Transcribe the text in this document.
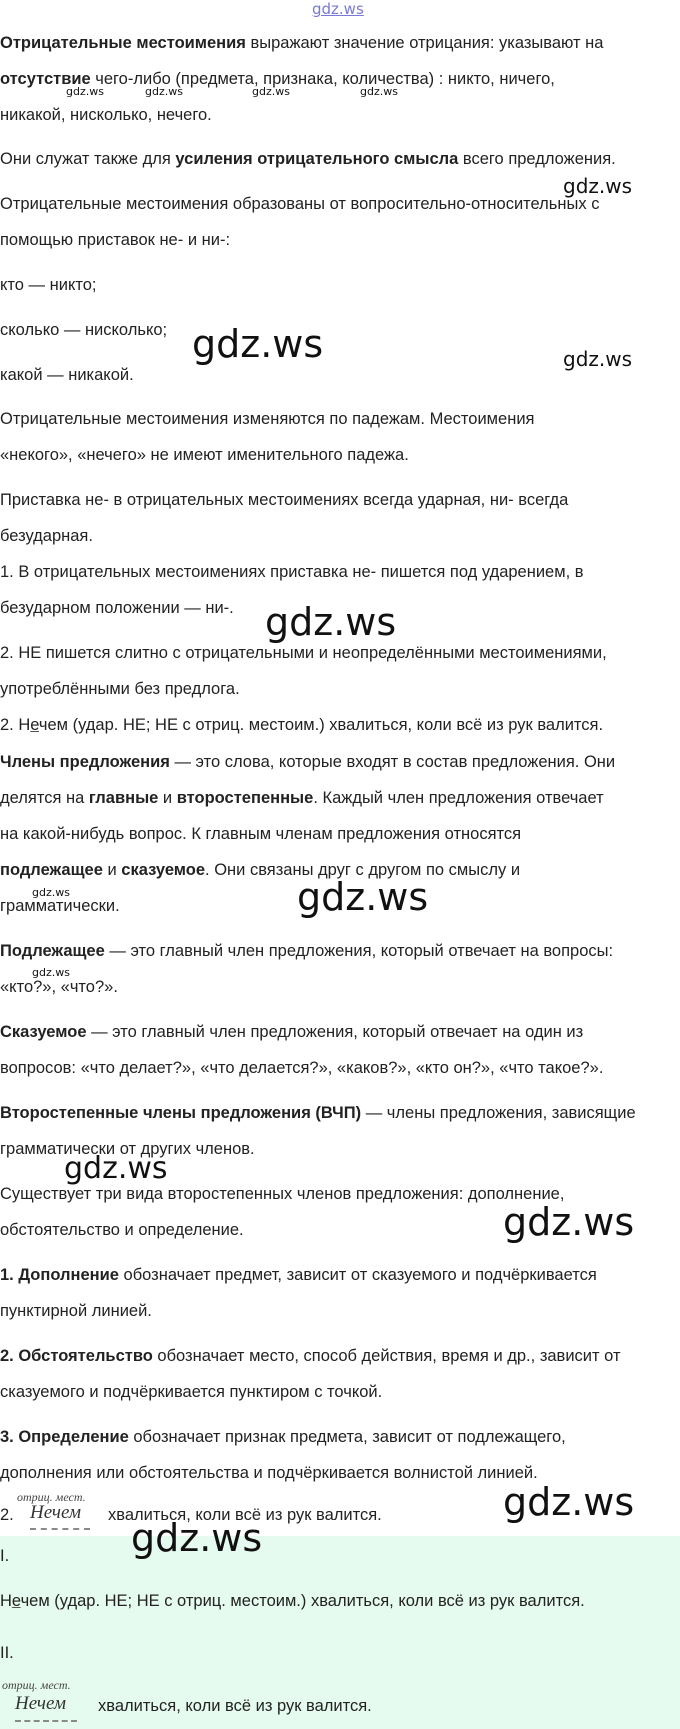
gdz.ws
Отрицательные местоимения выражают значение отрицания: указывают на
отсутствие чего-либо (предмета, признака, количества) : никто, ничего,
gdz.ws	gdz.ws	gdz.ws	gdz.ws
никакой, нисколько, нечего.
Они служат также для усиления отрицательного смысла всего предложения.
gdz.ws
Отрицательные местоимения образованы от вопросительно-относительных с
помощью приставок не- и ни-:
кто — никто;
сколько — нисколько; gdz.ws	gdz.ws
какой — никакой.
Отрицательные местоимения изменяются по падежам. Местоимения
«некого», «нечего» не имеют именительного падежа.
Приставка не- в отрицательных местоимениях всегда ударная, ни- всегда
безударная.
1. В отрицательных местоимениях приставка не- пишется под ударением, в
безударном положении — ни-. gdz.ws
2. НЕ пишется слитно с отрицательными и неопределёнными местоимениями,
употреблёнными без предлога.
2. Нечем (удар. НЕ; НЕ с отриц. местоим.) хвалиться, коли всё из рук валится.
Члены предложения — это слова, которые входят в состав предложения. Они
делятся на главные и второстепенные. Каждый член предложения отвечает
на какой-нибудь вопрос. К главным членам предложения относятся
подлежащее и сказуемое. Они связаны друг с другом по смыслу и
gdz.ws	gdz.ws
грамматически.
Подлежащее — это главный член предложения, который отвечает на вопросы:
gdz.ws
«кто?», «что?».
Сказуемое — это главный член предложения, который отвечает на один из
вопросов: «что делает?», «что делается?», «каков?», «кто он?», «что такое?».
Второстепенные члены предложения (ВЧП) — члены предложения, зависящие
грамматически от других членов.
gdz.ws
Существует три вида второстепенных членов предложения: дополнение,
gdz.ws
обстоятельство и определение.
1. Дополнение обозначает предмет, зависит от сказуемого и подчёркивается
пунктирной линией.
2. Обстоятельство обозначает место, способ действия, время и др., зависит от
сказуемого и подчёркивается пунктиром с точкой.
3. Определение обозначает признак предмета, зависит от подлежащего,
дополнения или обстоятельства и подчёркивается волнистой линией.
gdz.ws
отриц. мест.
2. Нечем хвалиться, коли всё из рук валится.
gdz.ws
I.
Нечем (удар. НЕ; НЕ с отриц. местоим.) хвалиться, коли всё из рук валится.
II.
отриц. мест.
Нечем хвалиться, коли всё из рук валится.
